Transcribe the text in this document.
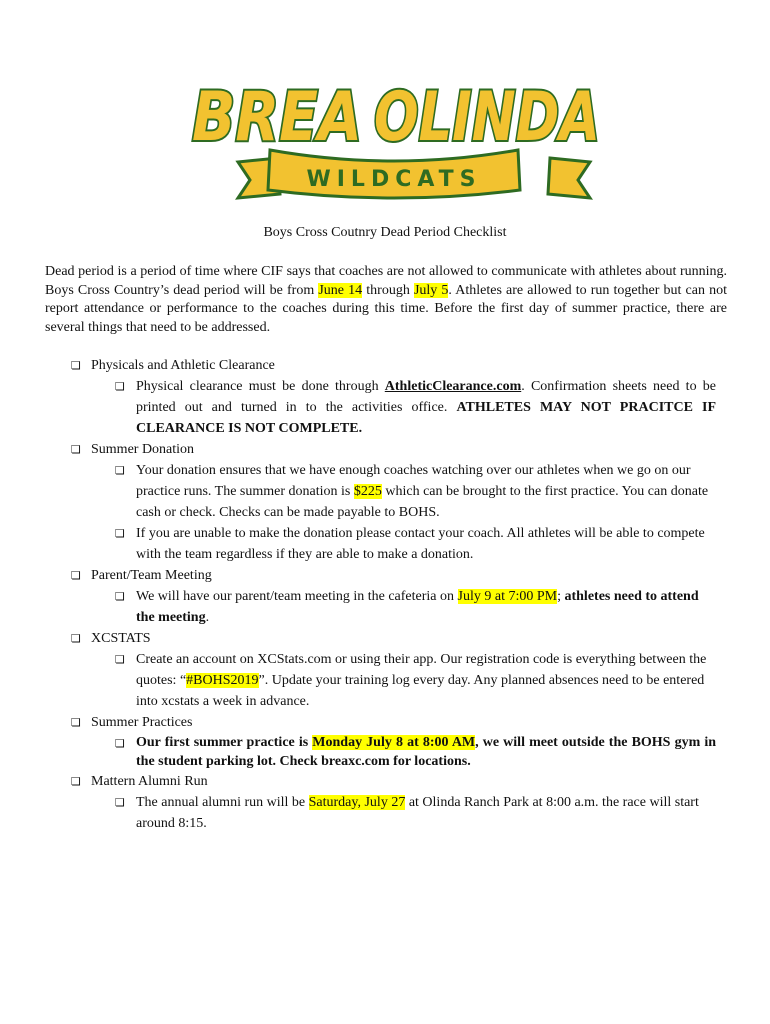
BREA OLINDA
WILDCATS
Boys Cross Coutnry Dead Period Checklist
Dead period is a period of time where CIF says that coaches are not allowed to communicate with athletes about running. Boys Cross Country’s dead period will be from June 14 through July 5. Athletes are allowed to run together but can not report attendance or performance to the coaches during this time. Before the first day of summer practice, there are several things that need to be addressed.
❏ Physicals and Athletic Clearance
❏ Physical clearance must be done through AthleticClearance.com. Confirmation sheets need to be printed out and turned in to the activities office. ATHLETES MAY NOT PRACITCE IF CLEARANCE IS NOT COMPLETE.
❏ Summer Donation
❏ Your donation ensures that we have enough coaches watching over our athletes when we go on our practice runs. The summer donation is $225 which can be brought to the first practice. You can donate cash or check. Checks can be made payable to BOHS.
❏ If you are unable to make the donation please contact your coach. All athletes will be able to compete with the team regardless if they are able to make a donation.
❏ Parent/Team Meeting
❏ We will have our parent/team meeting in the cafeteria on July 9 at 7:00 PM; athletes need to attend the meeting.
❏ XCSTATS
❏ Create an account on XCStats.com or using their app. Our registration code is everything between the quotes: “#BOHS2019”. Update your training log every day. Any planned absences need to be entered into xcstats a week in advance.
❏ Summer Practices
❏ Our first summer practice is Monday July 8 at 8:00 AM, we will meet outside the BOHS gym in the student parking lot. Check breaxc.com for locations.
❏ Mattern Alumni Run
❏ The annual alumni run will be Saturday, July 27 at Olinda Ranch Park at 8:00 a.m. the race will start around 8:15.
